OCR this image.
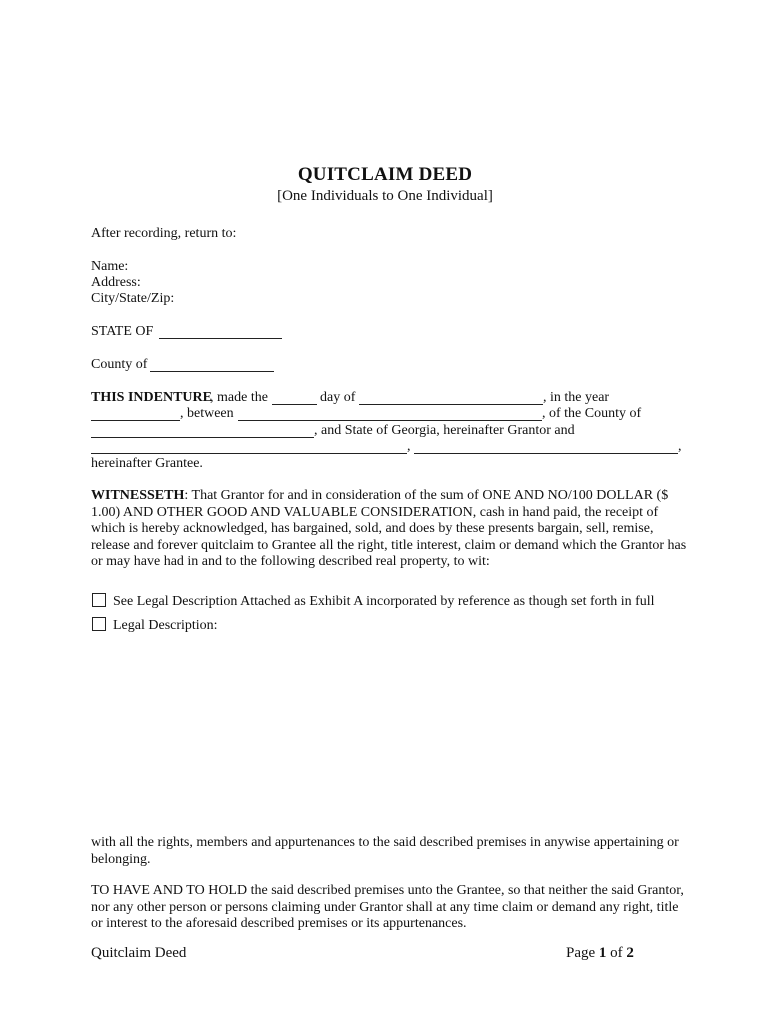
QUITCLAIM DEED
[One Individuals to One Individual]
After recording, return to:
Name:
Address:
City/State/Zip:
STATE OF
County of
THIS INDENTURE
, made the	day of	, in the year
, between	, of the County of
, and State of Georgia, hereinafter Grantor and
,	,
hereinafter Grantee.
WITNESSETH: That Grantor for and in consideration of the sum of ONE AND NO/100 DOLLAR ($ 1.00) AND OTHER GOOD AND VALUABLE CONSIDERATION, cash in hand paid, the receipt of which is hereby acknowledged, has bargained, sold, and does by these presents bargain, sell, remise, release and forever quitclaim to Grantee all the right, title interest, claim or demand which the Grantor has or may have had in and to the following described real property, to wit:
See Legal Description Attached as Exhibit A incorporated by reference as though set forth in full
Legal Description:
with all the rights, members and appurtenances to the said described premises in anywise appertaining or belonging.
TO HAVE AND TO HOLD the said described premises unto the Grantee, so that neither the said Grantor, nor any other person or persons claiming under Grantor shall at any time claim or demand any right, title or interest to the aforesaid described premises or its appurtenances.
Quitclaim Deed	Page 1 of 2
